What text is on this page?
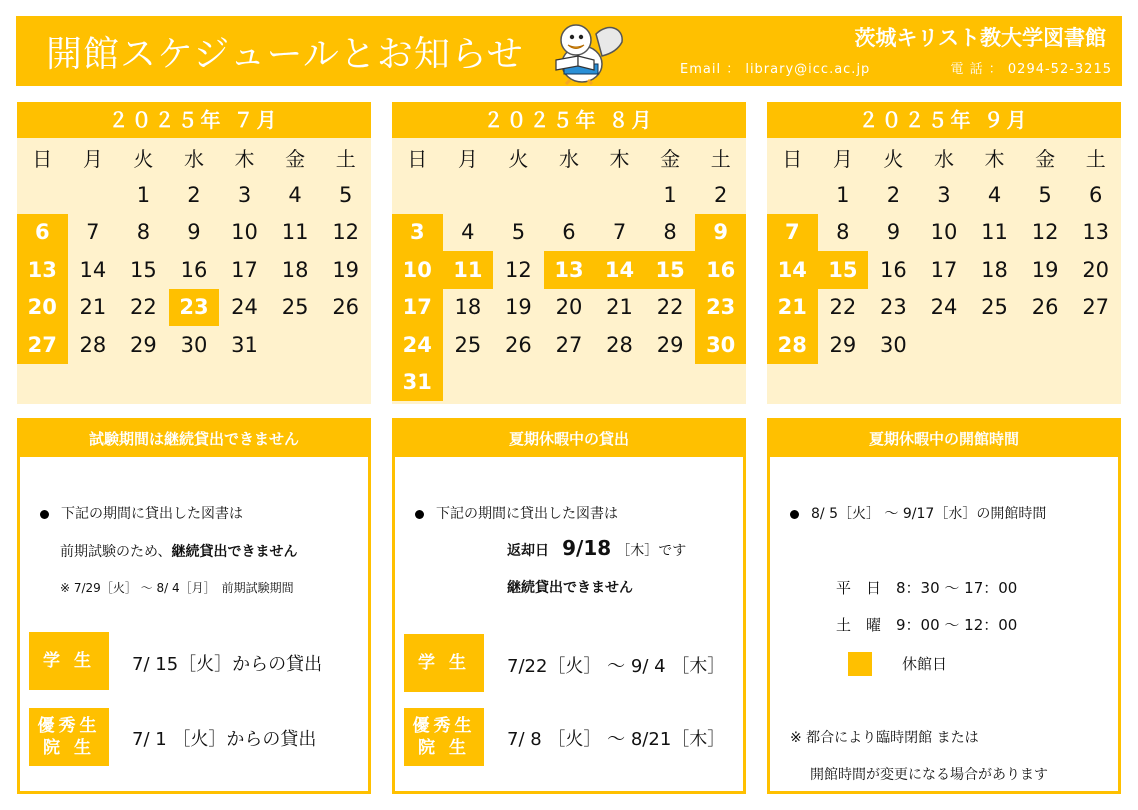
開館スケジュールとお知らせ	茨城キリスト教大学図書館
Email ： library@icc.ac.jp	電 話 ： 0294-52-3215
２０２５年 ７月
日	月	火	水	木	金	土
		1	2	3	4	5
6	7	8	9	10	11	12
13	14	15	16	17	18	19
20	21	22	23	24	25	26
27	28	29	30	31		
２０２５年 ８月
日	月	火	水	木	金	土
					1	2
3	4	5	6	7	8	9
10	11	12	13	14	15	16
17	18	19	20	21	22	23
24	25	26	27	28	29	30
31						
２０２５年 ９月
日	月	火	水	木	金	土
	1	2	3	4	5	6
7	8	9	10	11	12	13
14	15	16	17	18	19	20
21	22	23	24	25	26	27
28	29	30				
試験期間は継続貸出できません
下記の期間に貸出した図書は
前期試験のため、継続貸出できません
※ 7/29［火］ ～ 8/ 4［月］　前期試験期間
学 生	7/ 15［火］からの貸出
優秀生
院 生	7/ 1 ［火］からの貸出
夏期休暇中の貸出
下記の期間に貸出した図書は
返却日 9/18 ［木］です
継続貸出できません
学 生	7/22［火］ ～ 9/ 4 ［木］
優秀生
院 生	7/ 8 ［火］ ～ 8/21［木］
夏期休暇中の開館時間
8/ 5［火］ ～ 9/17［水］の開館時間
平　日　8：30 ～ 17：00
土　曜　9：00 ～ 12：00
休館日
※ 都合により臨時閉館 または
開館時間が変更になる場合があります
